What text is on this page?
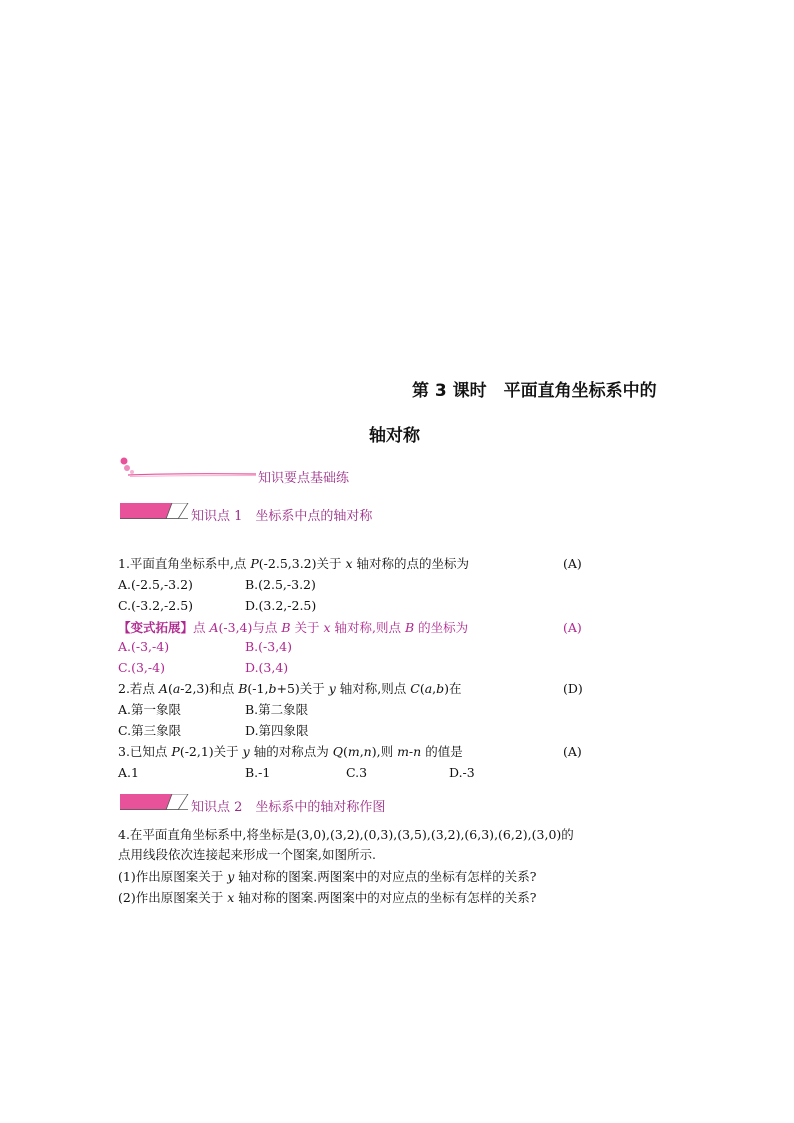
第 3 课时　平面直角坐标系中的
轴对称
知识要点基础练
知识点 1　坐标系中点的轴对称
1.平面直角坐标系中,点 P(-2.5,3.2)关于 x 轴对称的点的坐标为	(A)
A.(-2.5,-3.2)	B.(2.5,-3.2)
C.(-3.2,-2.5)	D.(3.2,-2.5)
【变式拓展】点 A(-3,4)与点 B 关于 x 轴对称,则点 B 的坐标为	(A)
A.(-3,-4)	B.(-3,4)
C.(3,-4)	D.(3,4)
2.若点 A(a-2,3)和点 B(-1,b+5)关于 y 轴对称,则点 C(a,b)在	(D)
A.第一象限	B.第二象限
C.第三象限	D.第四象限
3.已知点 P(-2,1)关于 y 轴的对称点为 Q(m,n),则 m-n 的值是	(A)
A.1	B.-1	C.3	D.-3
知识点 2　坐标系中的轴对称作图
4.在平面直角坐标系中,将坐标是(3,0),(3,2),(0,3),(3,5),(3,2),(6,3),(6,2),(3,0)的
点用线段依次连接起来形成一个图案,如图所示.
(1)作出原图案关于 y 轴对称的图案.两图案中的对应点的坐标有怎样的关系?
(2)作出原图案关于 x 轴对称的图案.两图案中的对应点的坐标有怎样的关系?
